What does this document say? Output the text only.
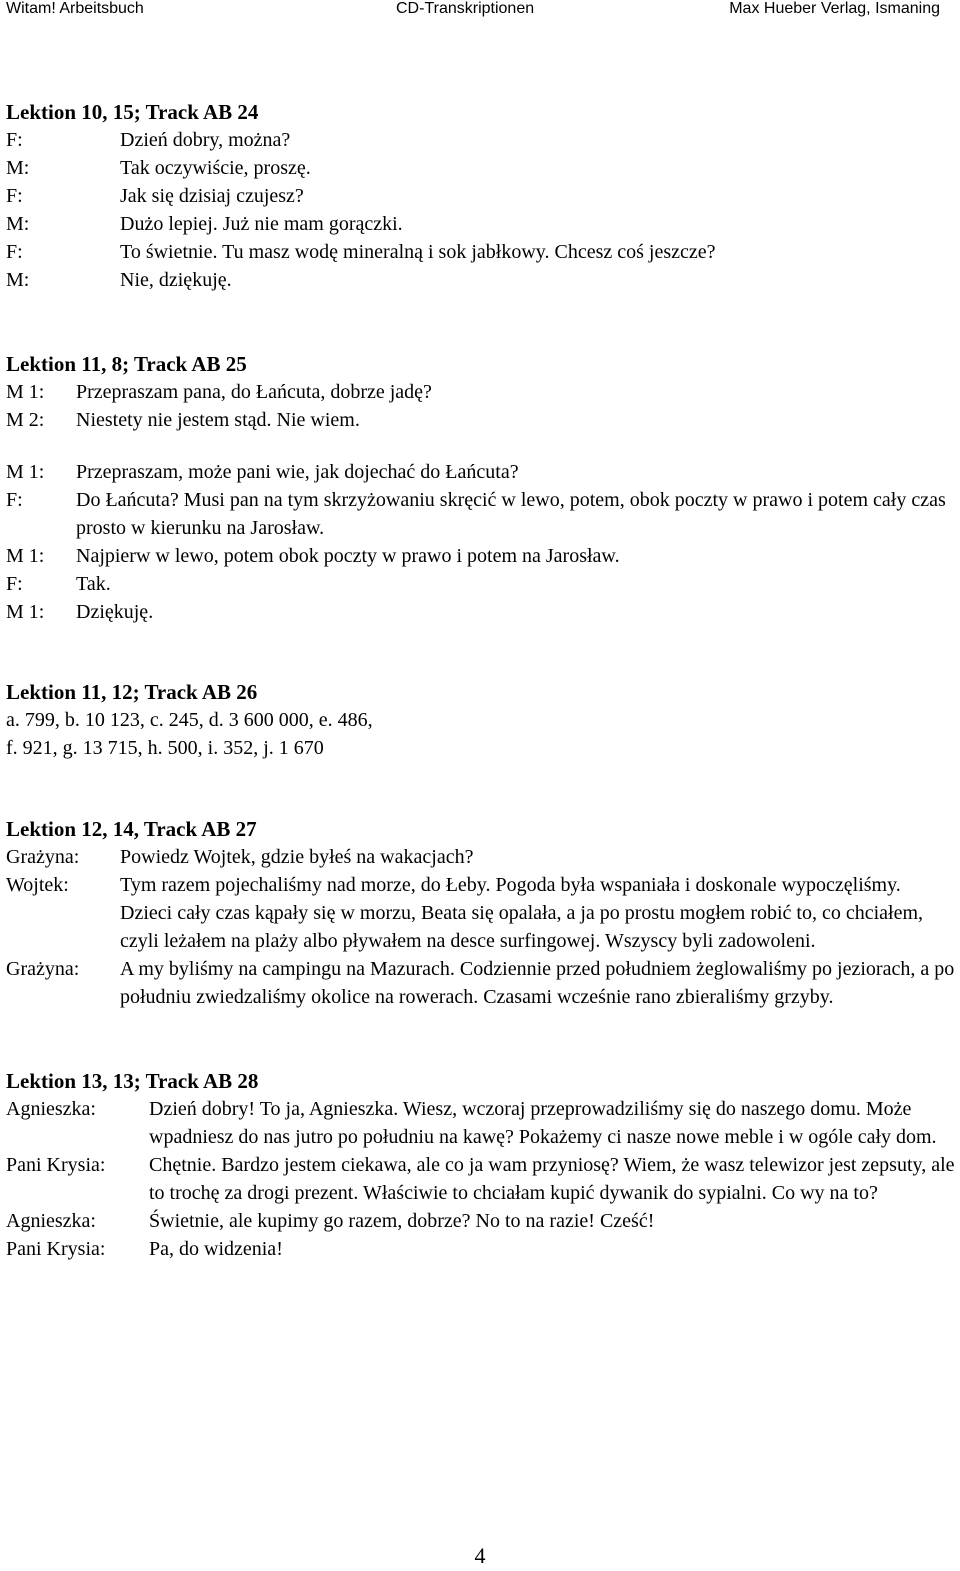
Witam! Arbeitsbuch	CD-Transkriptionen	Max Hueber Verlag, Ismaning
Lektion 10, 15; Track AB 24
F:	Dzień dobry, można?
M:	Tak oczywiście, proszę.
F:	Jak się dzisiaj czujesz?
M:	Dużo lepiej. Już nie mam gorączki.
F:	To świetnie. Tu masz wodę mineralną i sok jabłkowy. Chcesz coś jeszcze?
M:	Nie, dziękuję.
Lektion 11, 8; Track AB 25
M 1: Przepraszam pana, do Łańcuta, dobrze jadę?
M 2: Niestety nie jestem stąd. Nie wiem.
M 1: Przepraszam, może pani wie, jak dojechać do Łańcuta?
F:	Do Łańcuta? Musi pan na tym skrzyżowaniu skręcić w lewo, potem, obok poczty w prawo i potem cały czas prosto w kierunku na Jarosław.
M 1: Najpierw w lewo, potem obok poczty w prawo i potem na Jarosław.
F:	Tak.
M 1: Dziękuję.
Lektion 11, 12; Track AB 26
a. 799, b. 10 123, c. 245, d. 3 600 000, e. 486,
f. 921, g. 13 715, h. 500, i. 352, j. 1 670
Lektion 12, 14, Track AB 27
Grażyna: Powiedz Wojtek, gdzie byłeś na wakacjach?
Wojtek:	Tym razem pojechaliśmy nad morze, do Łeby. Pogoda była wspaniała i doskonale wypoczęliśmy. Dzieci cały czas kąpały się w morzu, Beata się opalała, a ja po prostu mogłem robić to, co chciałem, czyli leżałem na plaży albo pływałem na desce surfingowej. Wszyscy byli zadowoleni.
Grażyna: A my byliśmy na campingu na Mazurach. Codziennie przed południem żeglowaliśmy po jeziorach, a po południu zwiedzaliśmy okolice na rowerach. Czasami wcześnie rano zbieraliśmy grzyby.
Lektion 13, 13; Track AB 28
Agnieszka:	Dzień dobry! To ja, Agnieszka. Wiesz, wczoraj przeprowadziliśmy się do naszego domu. Może wpadniesz do nas jutro po południu na kawę? Pokażemy ci nasze nowe meble i w ogóle cały dom.
Pani Krysia: Chętnie. Bardzo jestem ciekawa, ale co ja wam przyniosę? Wiem, że wasz telewizor jest zepsuty, ale to trochę za drogi prezent. Właściwie to chciałam kupić dywanik do sypialni. Co wy na to?
Agnieszka:	Świetnie, ale kupimy go razem, dobrze? No to na razie! Cześć!
Pani Krysia: Pa, do widzenia!
4
